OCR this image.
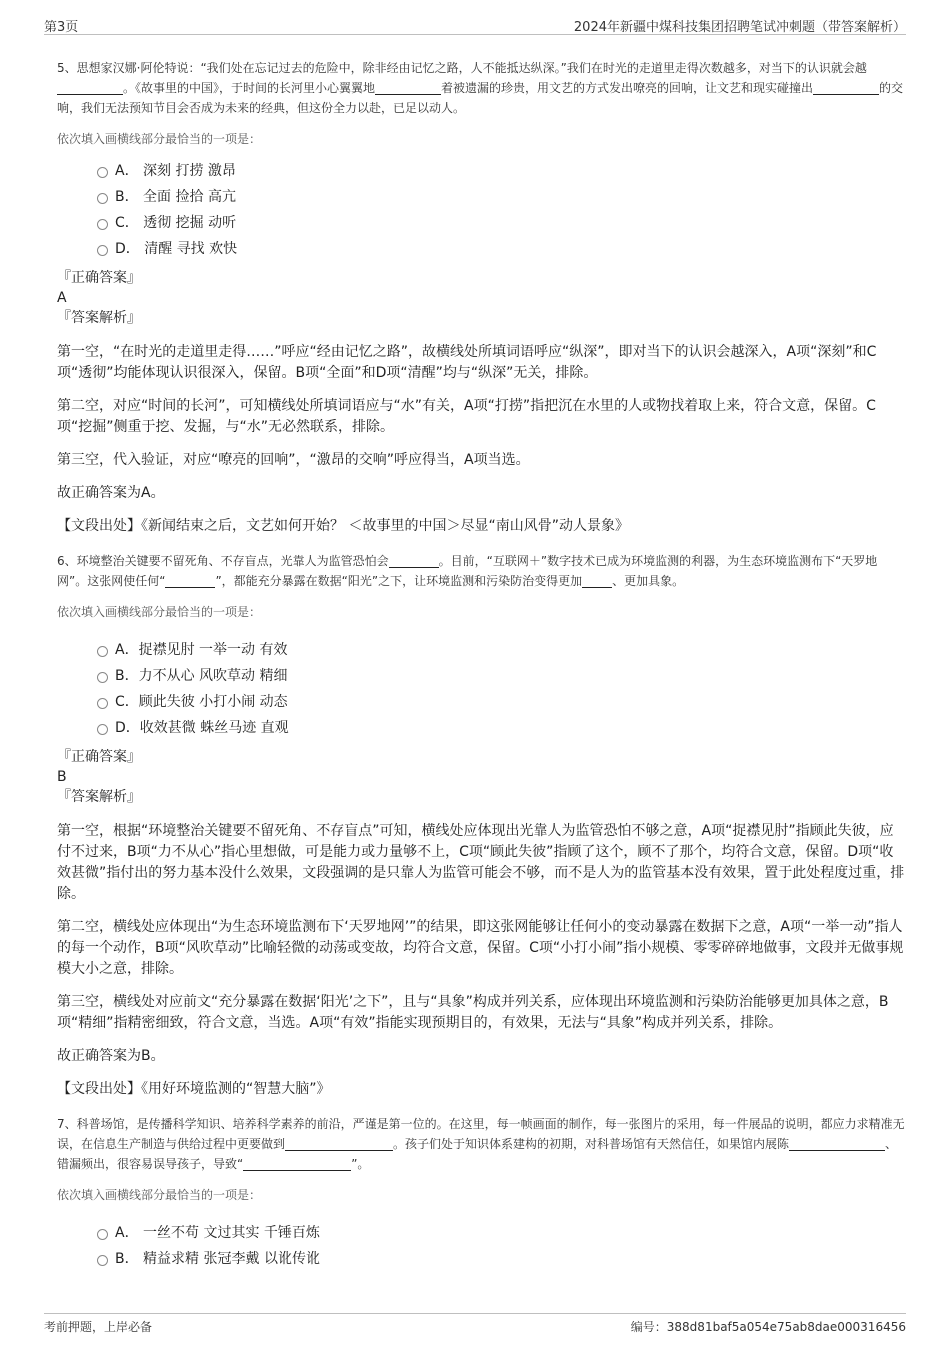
第3页	2024年新疆中煤科技集团招聘笔试冲刺题（带答案解析）

5、思想家汉娜·阿伦特说：“我们处在忘记过去的危险中，除非经由记忆之路，人不能抵达纵深。”我们在时光的走道里走得次数越多，对当下的认识就会越。《故事里的中国》，于时间的长河里小心翼翼地	着被遗漏的珍贵，用文艺的方式发出嘹亮的回响，让文艺和现实碰撞出	的交响，我们无法预知节目会否成为未来的经典，但这份全力以赴，已足以动人。

依次填入画横线部分最恰当的一项是：

A． 深刻 打捞 激昂
B． 全面 捡拾 高亢
C． 透彻 挖掘 动听
D． 清醒 寻找 欢快

『正确答案』

A

『答案解析』

第一空，“在时光的走道里走得……”呼应“经由记忆之路”，故横线处所填词语呼应“纵深”，即对当下的认识会越深入，A项“深刻”和C项“透彻”均能体现认识很深入，保留。B项“全面”和D项“清醒”均与“纵深”无关，排除。

第二空，对应“时间的长河”，可知横线处所填词语应与“水”有关，A项“打捞”指把沉在水里的人或物找着取上来，符合文意，保留。C项“挖掘”侧重于挖、发掘，与“水”无必然联系，排除。

第三空，代入验证，对应“嘹亮的回响”，“激昂的交响”呼应得当，A项当选。

故正确答案为A。

【文段出处】《新闻结束之后，文艺如何开始？ ＜故事里的中国＞尽显“南山风骨”动人景象》

6、环境整治关键要不留死角、不存盲点，光靠人为监管恐怕会	。目前，“互联网＋”数字技术已成为环境监测的利器，为生态环境监测布下“天罗地网”。这张网使任何“	”，都能充分暴露在数据“阳光”之下，让环境监测和污染防治变得更加	、更加具象。

依次填入画横线部分最恰当的一项是：

A．捉襟见肘 一举一动 有效
B．力不从心 风吹草动 精细
C．顾此失彼 小打小闹 动态
D．收效甚微 蛛丝马迹 直观

『正确答案』

B

『答案解析』

第一空，根据“环境整治关键要不留死角、不存盲点”可知，横线处应体现出光靠人为监管恐怕不够之意，A项“捉襟见肘”指顾此失彼，应付不过来，B项“力不从心”指心里想做，可是能力或力量够不上，C项“顾此失彼”指顾了这个，顾不了那个，均符合文意，保留。D项“收效甚微”指付出的努力基本没什么效果，文段强调的是只靠人为监管可能会不够，而不是人为的监管基本没有效果，置于此处程度过重，排除。

第二空，横线处应体现出“为生态环境监测布下‘天罗地网’”的结果，即这张网能够让任何小的变动暴露在数据下之意，A项“一举一动”指人的每一个动作，B项“风吹草动”比喻轻微的动荡或变故，均符合文意，保留。C项“小打小闹”指小规模、零零碎碎地做事，文段并无做事规模大小之意，排除。

第三空，横线处对应前文“充分暴露在数据‘阳光’之下”，且与“具象”构成并列关系，应体现出环境监测和污染防治能够更加具体之意，B项“精细”指精密细致，符合文意，当选。A项“有效”指能实现预期目的，有效果，无法与“具象”构成并列关系，排除。

故正确答案为B。

【文段出处】《用好环境监测的“智慧大脑”》

7、科普场馆，是传播科学知识、培养科学素养的前沿，严谨是第一位的。在这里，每一帧画面的制作，每一张图片的采用，每一件展品的说明，都应力求精准无误，在信息生产制造与供给过程中更要做到	。孩子们处于知识体系建构的初期，对科普场馆有天然信任，如果馆内展陈	、错漏频出，很容易误导孩子，导致“	”。

依次填入画横线部分最恰当的一项是：

A． 一丝不苟 文过其实 千锤百炼
B． 精益求精 张冠李戴 以讹传讹
考前押题，上岸必备	编号：388d81baf5a054e75ab8dae000316456
